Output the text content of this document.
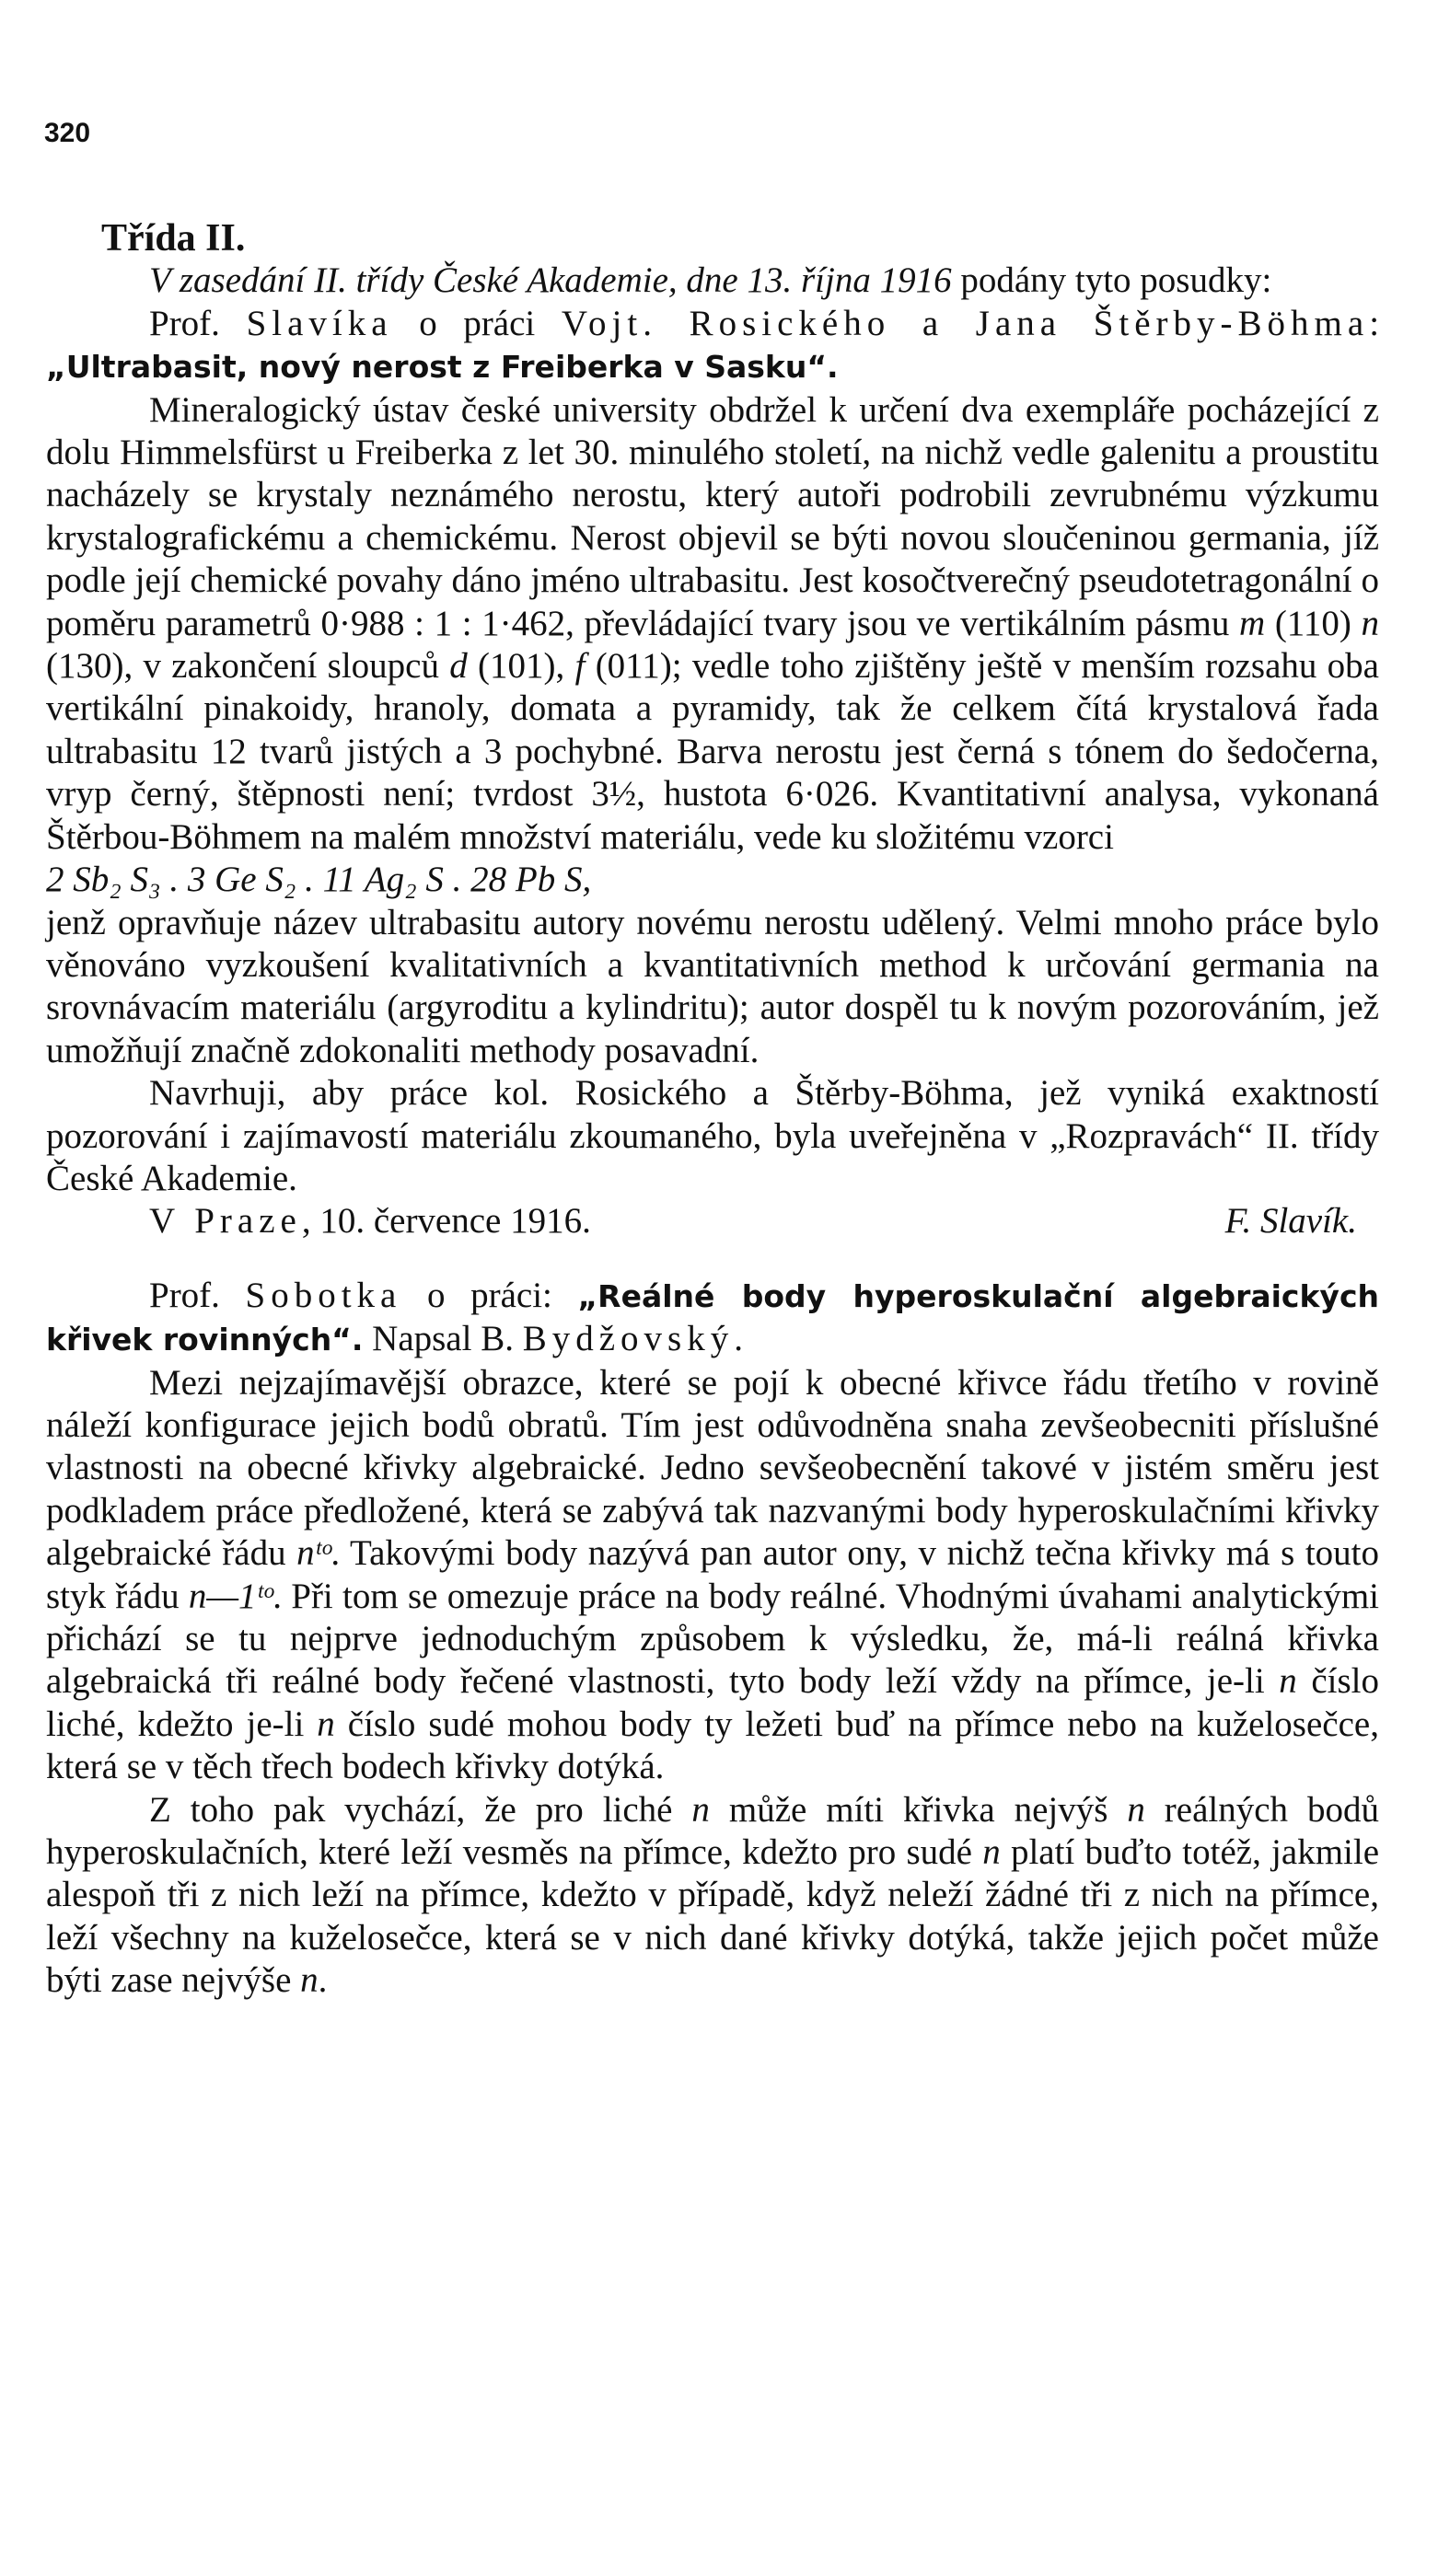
320

Třída II.

V zasedání II. třídy České Akademie, dne 13. října 1916 podány tyto posudky:

Prof. Slavíka o práci Vojt. Rosického a Jana Štěrby-Böhma: „Ultrabasit, nový nerost z Freiberka v Sasku“.

Mineralogický ústav české university obdržel k určení dva exempláře pocházející z dolu Himmelsfürst u Freiberka z let 30. minulého století, na nichž vedle galenitu a proustitu nacházely se krystaly neznámého nerostu, který autoři podrobili zevrubnému výzkumu krystalografickému a chemickému. Nerost objevil se býti novou sloučeninou germania, jíž podle její chemické povahy dáno jméno ultrabasitu. Jest kosočtverečný pseudotetragonální o poměru parametrů 0·988 : 1 : 1·462, převládající tvary jsou ve vertikálním pásmu m (110) n (130), v zakončení sloupců d (101), f (011); vedle toho zjištěny ještě v menším rozsahu oba vertikální pinakoidy, hranoly, domata a pyramidy, tak že celkem čítá krystalová řada ultrabasitu 12 tvarů jistých a 3 pochybné. Barva nerostu jest černá s tónem do šedočerna, vryp černý, štěpnosti není; tvrdost 3½, hustota 6·026. Kvantitativní analysa, vykonaná Štěrbou-Böhmem na malém množství materiálu, vede ku složitému vzorci

2 Sb₂ S₃ . 3 Ge S₂ . 11 Ag₂ S . 28 Pb S,

jenž opravňuje název ultrabasitu autory novému nerostu udělený. Velmi mnoho práce bylo věnováno vyzkoušení kvalitativních a kvantitativních method k určování germania na srovnávacím materiálu (argyroditu a kylindritu); autor dospěl tu k novým pozorováním, jež umožňují značně zdokonaliti methody posavadní.

Navrhuji, aby práce kol. Rosického a Štěrby-Böhma, jež vyniká exaktností pozorování i zajímavostí materiálu zkoumaného, byla uveřejněna v „Rozpravách“ II. třídy České Akademie.

V Praze, 10. července 1916.	F. Slavík.

Prof. Sobotka o práci: „Reálné body hyperoskulační algebraických křivek rovinných“. Napsal B. Bydžovský.

Mezi nejzajímavější obrazce, které se pojí k obecné křivce řádu třetího v rovině náleží konfigurace jejich bodů obratů. Tím jest odůvodněna snaha zevšeobecniti příslušné vlastnosti na obecné křivky algebraické. Jedno sevšeobecnění takové v jistém směru jest podkladem práce předložené, která se zabývá tak nazvanými body hyperoskulačními křivky algebraické řádu nᵗᵒ. Takovými body nazývá pan autor ony, v nichž tečna křivky má s touto styk řádu n—1ᵗᵒ. Při tom se omezuje práce na body reálné. Vhodnými úvahami analytickými přichází se tu nejprve jednoduchým způsobem k výsledku, že, má-li reálná křivka algebraická tři reálné body řečené vlastnosti, tyto body leží vždy na přímce, je-li n číslo liché, kdežto je-li n číslo sudé mohou body ty ležeti buď na přímce nebo na kuželosečce, která se v těch třech bodech křivky dotýká.

Z toho pak vychází, že pro liché n může míti křivka nejvýš n reálných bodů hyperoskulačních, které leží vesměs na přímce, kdežto pro sudé n platí buďto totéž, jakmile alespoň tři z nich leží na přímce, kdežto v případě, když neleží žádné tři z nich na přímce, leží všechny na kuželosečce, která se v nich dané křivky dotýká, takže jejich počet může býti zase nejvýše n.
